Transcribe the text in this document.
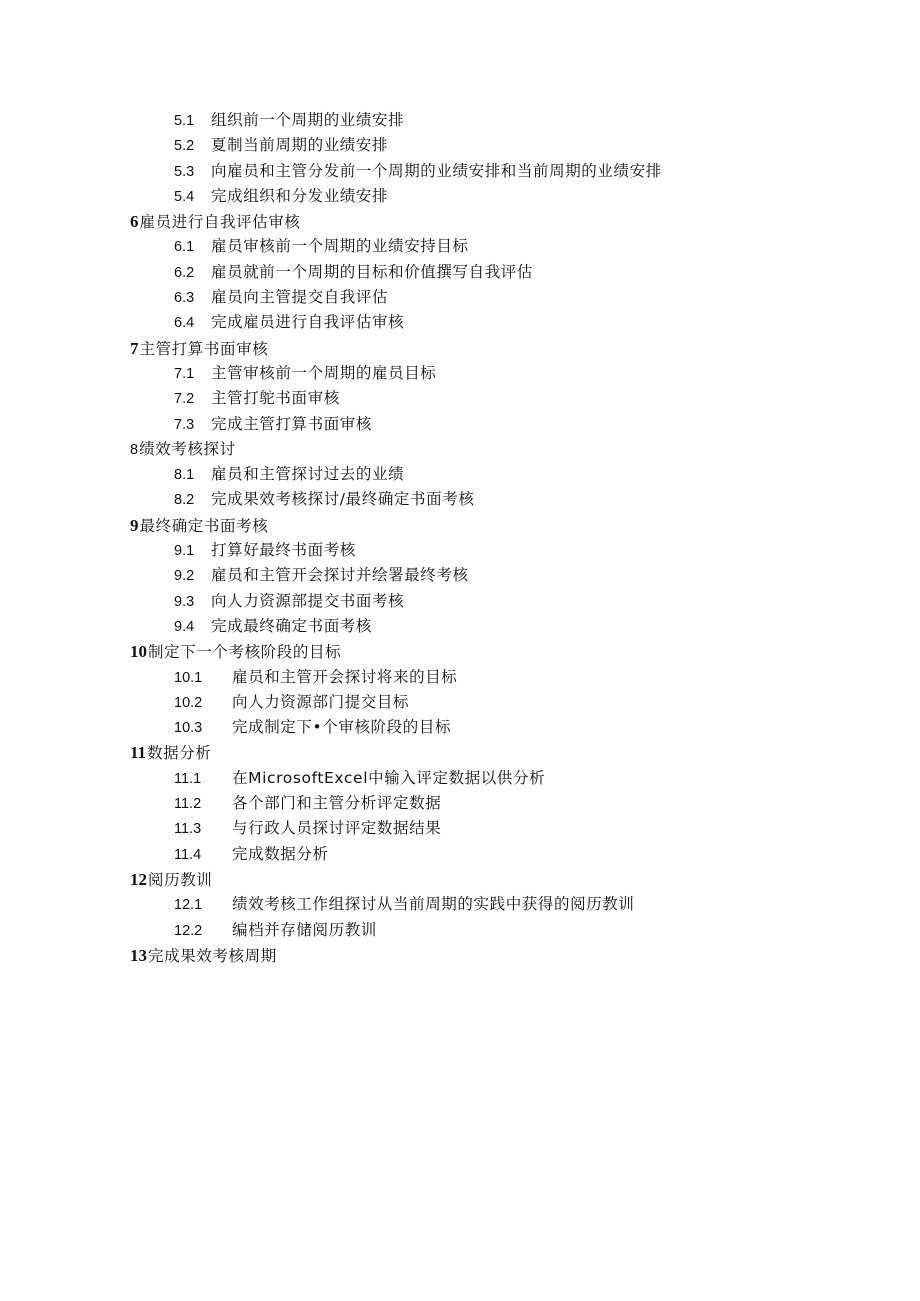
5.1 组织前一个周期的业绩安排
5.2 夏制当前周期的业绩安排
5.3 向雇员和主管分发前一个周期的业绩安排和当前周期的业绩安排
5.4 完成组织和分发业绩安排
6雇员进行自我评估审核
6.1 雇员审核前一个周期的业绩安持目标
6.2 雇员就前一个周期的目标和价值撰写自我评估
6.3 雇员向主管提交自我评估
6.4 完成雇员进行自我评估审核
7主管打算书面审核
7.1 主管审核前一个周期的雇员目标
7.2 主管打鸵书面审核
7.3 完成主管打算书面审核
8绩效考核探讨
8.1 雇员和主管探讨过去的业绩
8.2 完成果效考核探讨/最终确定书面考核
9最终确定书面考核
9.1 打算好最终书面考核
9.2 雇员和主管开会探讨并绘署最终考核
9.3 向人力资源部提交书面考核
9.4 完成最终确定书面考核
10制定下一个考核阶段的目标
10.1 雇员和主管开会探讨将来的目标
10.2 向人力资源部门提交目标
10.3 完成制定下•个审核阶段的目标
11数据分析
11.1 在MicrosoftExcel中输入评定数据以供分析
11.2 各个部门和主管分析评定数据
11.3 与行政人员探讨评定数据结果
11.4 完成数据分析
12阅历教训
12.1 绩效考核工作组探讨从当前周期的实践中获得的阅历教训
12.2 编档并存储阅历教训
13完成果效考核周期
